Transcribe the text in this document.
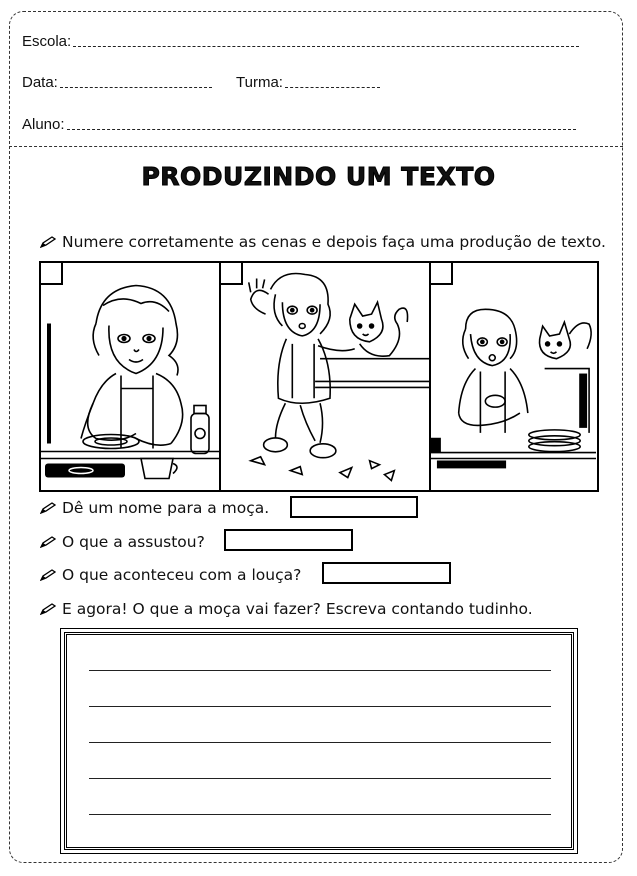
Escola:
Data:	Turma:
Aluno:
PRODUZINDO UM TEXTO
Numere corretamente as cenas e depois faça uma produção de texto.
Dê um nome para a moça.
O que a assustou?
O que aconteceu com a louça?
E agora! O que a moça vai fazer? Escreva contando tudinho.
